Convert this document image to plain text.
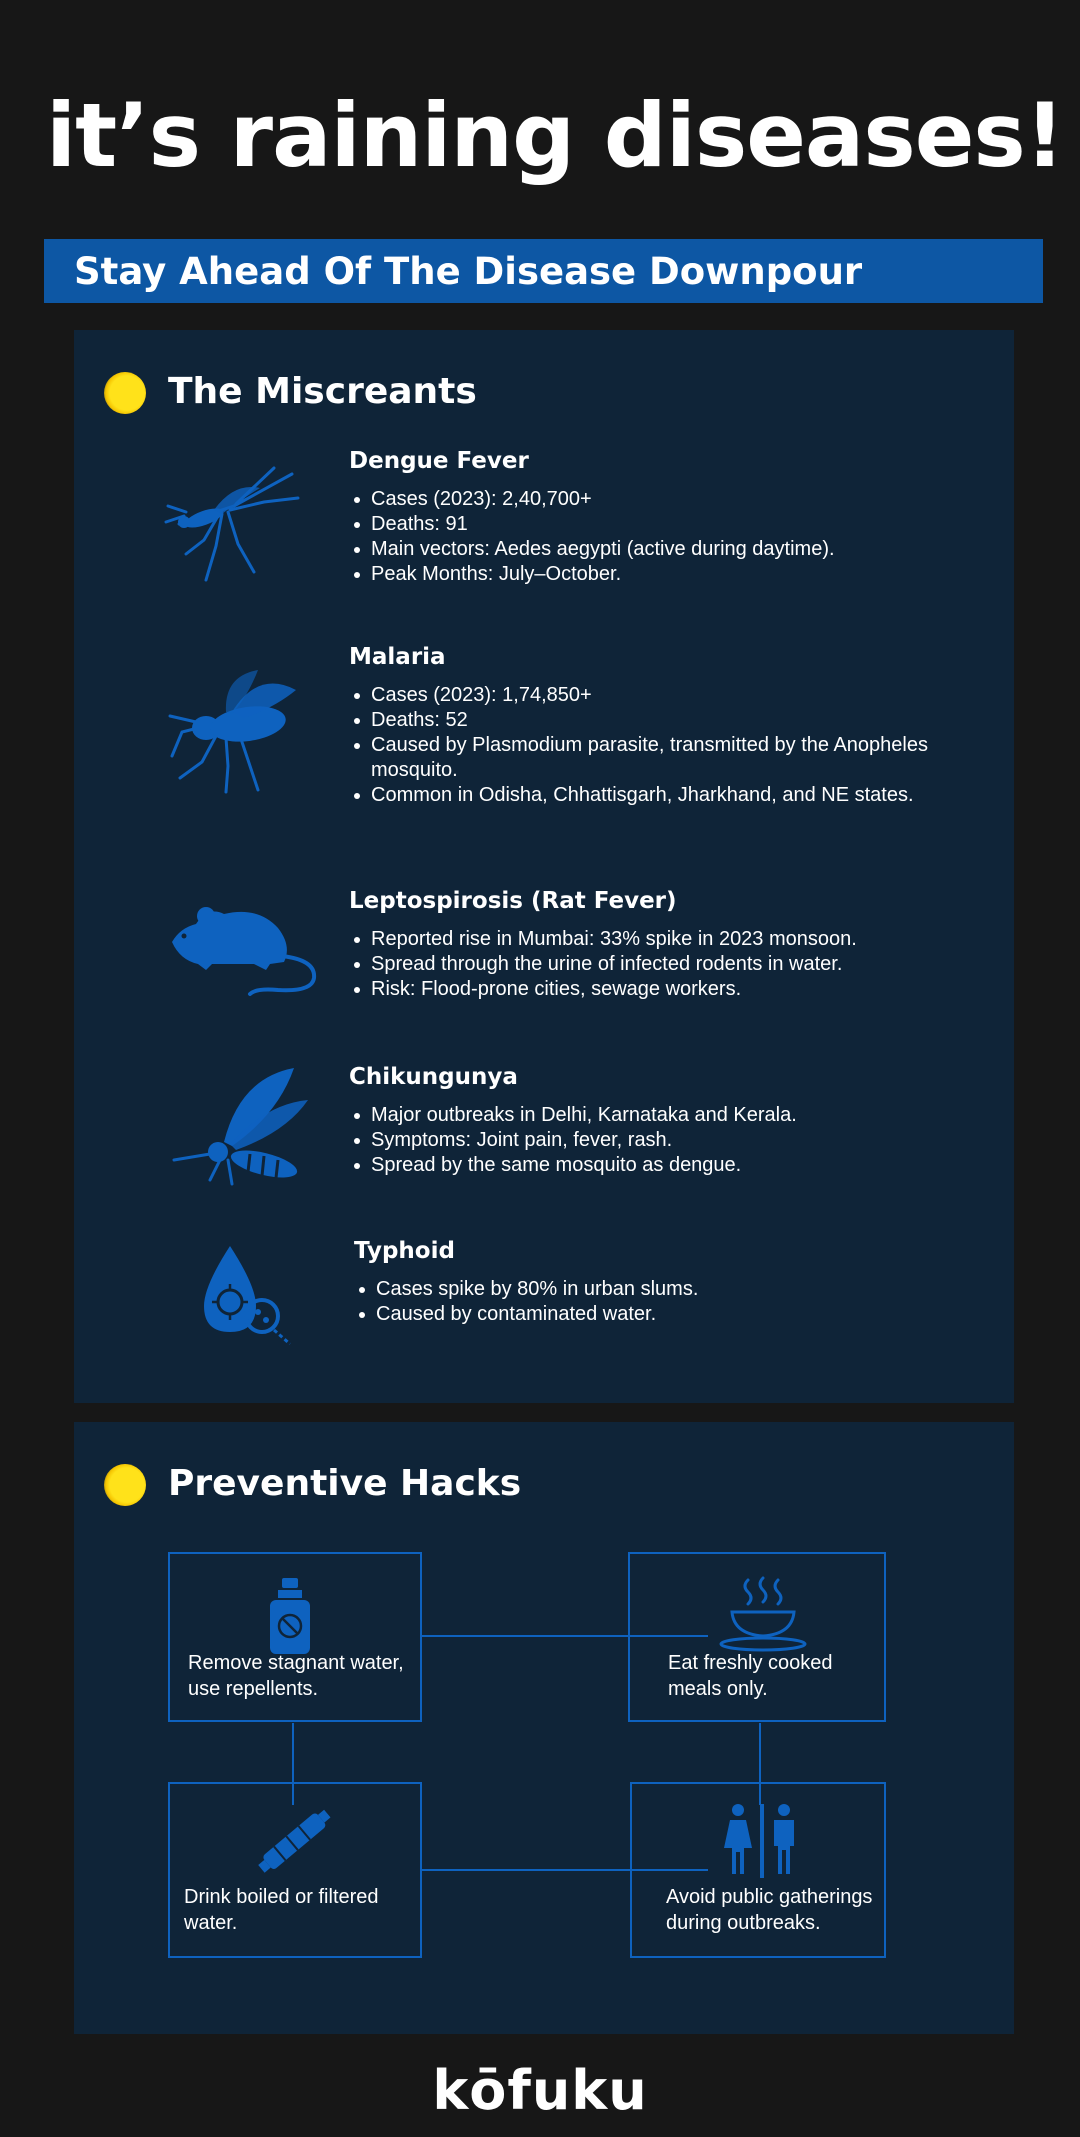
it’s raining diseases!
Stay Ahead Of The Disease Downpour
The Miscreants
Dengue Fever
Cases (2023): 2,40,700+
Deaths: 91
Main vectors: Aedes aegypti (active during daytime).
Peak Months: July–October.
Malaria
Cases (2023): 1,74,850+
Deaths: 52
Caused by Plasmodium parasite, transmitted by the Anopheles mosquito.
Common in Odisha, Chhattisgarh, Jharkhand, and NE states.
Leptospirosis (Rat Fever)
Reported rise in Mumbai: 33% spike in 2023 monsoon.
Spread through the urine of infected rodents in water.
Risk: Flood-prone cities, sewage workers.
Chikungunya
Major outbreaks in Delhi, Karnataka and Kerala.
Symptoms: Joint pain, fever, rash.
Spread by the same mosquito as dengue.
Typhoid
Cases spike by 80% in urban slums.
Caused by contaminated water.
Preventive Hacks
Remove stagnant water, use repellents.
Eat freshly cooked meals only.
Drink boiled or filtered water.
Avoid public gatherings during outbreaks.
kōfuku
